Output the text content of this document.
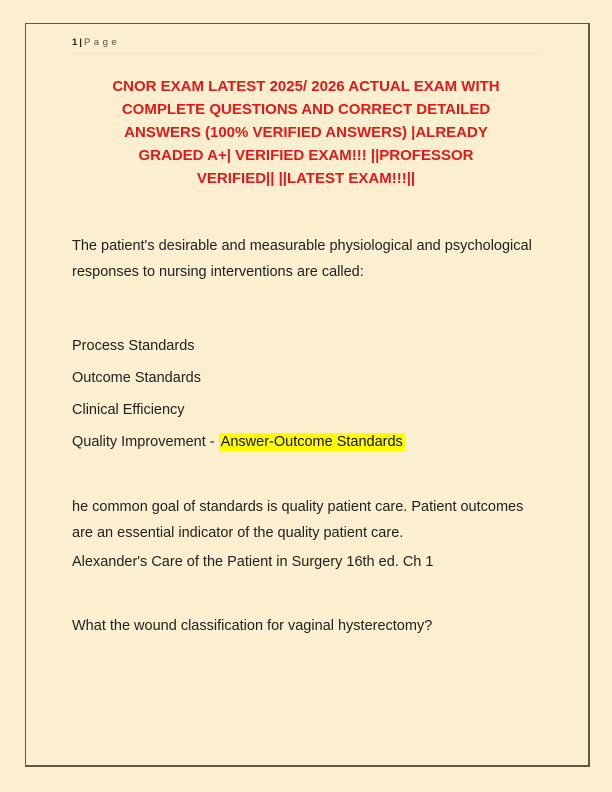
1 | Page
CNOR EXAM LATEST 2025/ 2026 ACTUAL EXAM WITH
COMPLETE QUESTIONS AND CORRECT DETAILED
ANSWERS (100% VERIFIED ANSWERS) |ALREADY
GRADED A+| VERIFIED EXAM!!! ||PROFESSOR
VERIFIED|| ||LATEST EXAM!!!||

The patient's desirable and measurable physiological and psychological responses to nursing interventions are called:

Process Standards

Outcome Standards

Clinical Efficiency

Quality Improvement - Answer-Outcome Standards

he common goal of standards is quality patient care. Patient outcomes are an essential indicator of the quality patient care.

Alexander's Care of the Patient in Surgery 16th ed. Ch 1

What the wound classification for vaginal hysterectomy?
